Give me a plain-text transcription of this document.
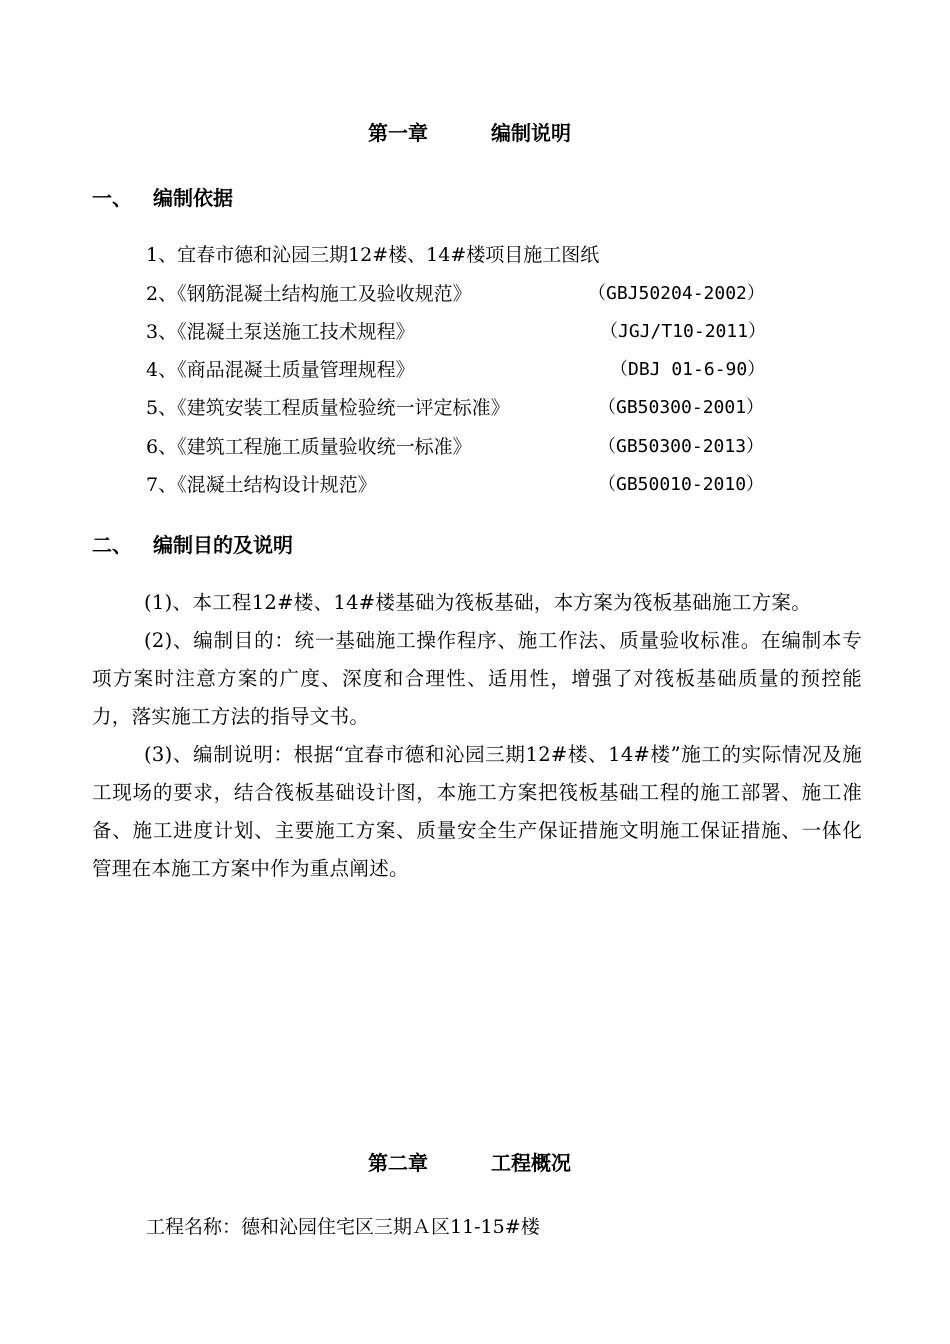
第一章	编制说明
一、 编制依据
1、宜春市德和沁园三期12#楼、14#楼项目施工图纸
2、《钢筋混凝土结构施工及验收规范》	（GBJ50204-2002）
3、《混凝土泵送施工技术规程》	（JGJ/T10-2011）
4、《商品混凝土质量管理规程》	（DBJ 01-6-90）
5、《建筑安装工程质量检验统一评定标准》	（GB50300-2001）
6、《建筑工程施工质量验收统一标准》	（GB50300-2013）
7、《混凝土结构设计规范》	（GB50010-2010）
二、 编制目的及说明

(1)、本工程12#楼、14#楼基础为筏板基础，本方案为筏板基础施工方案。

(2)、编制目的：统一基础施工操作程序、施工作法、质量验收标准。在编制本专项方案时注意方案的广度、深度和合理性、适用性，增强了对筏板基础质量的预控能力，落实施工方法的指导文书。

(3)、编制说明：根据“宜春市德和沁园三期12#楼、14#楼”施工的实际情况及施工现场的要求，结合筏板基础设计图，本施工方案把筏板基础工程的施工部署、施工准备、施工进度计划、主要施工方案、质量安全生产保证措施文明施工保证措施、一体化管理在本施工方案中作为重点阐述。

第二章	工程概况
工程名称：德和沁园住宅区三期Ａ区11-15#楼
